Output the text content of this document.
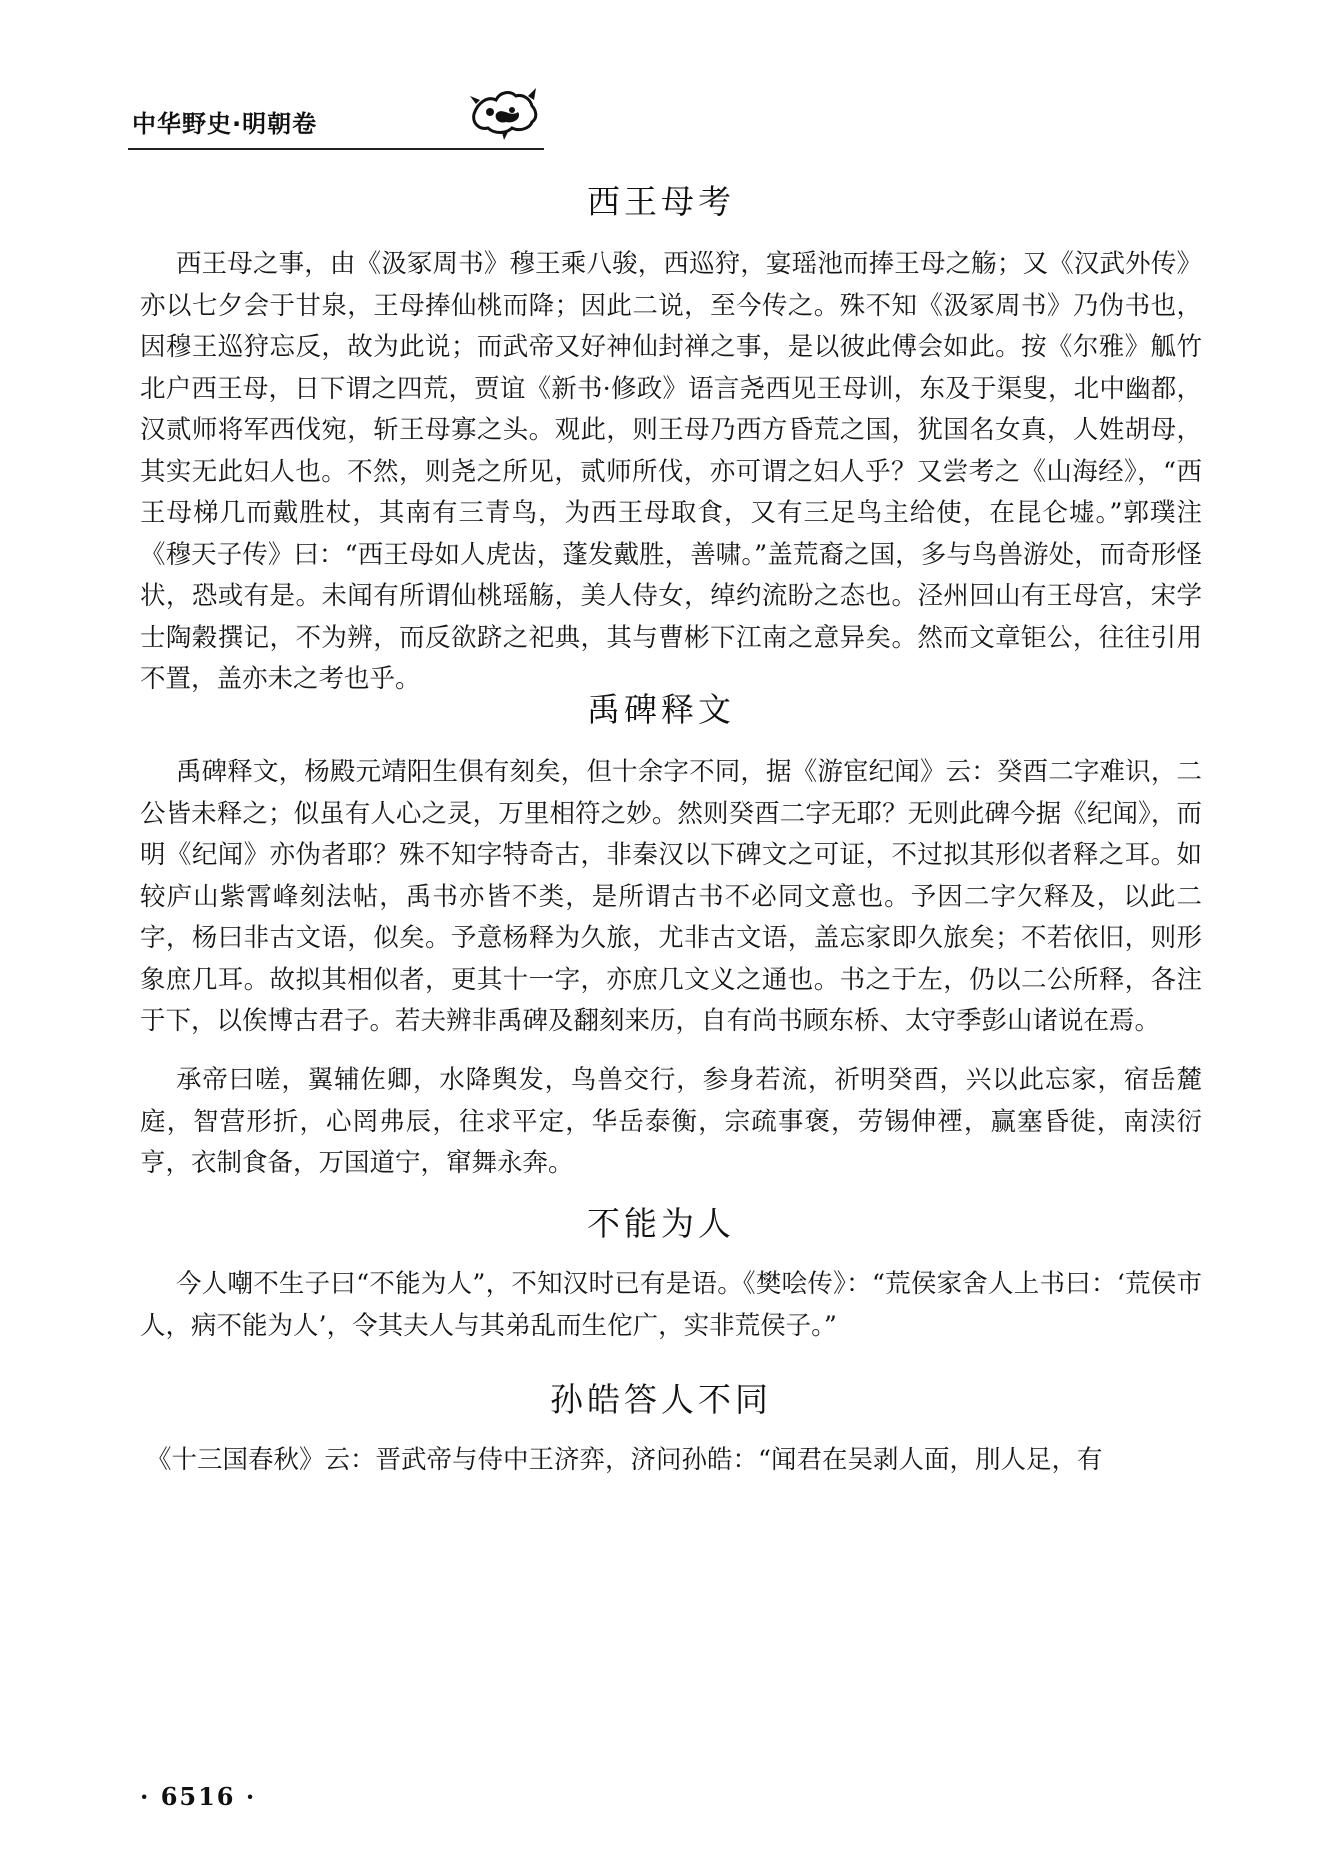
中华野史·明朝卷
西王母考
西王母之事，由《汲冢周书》穆王乘八骏，西巡狩，宴瑶池而捧王母之觞；又《汉武外传》亦以七夕会于甘泉，王母捧仙桃而降；因此二说，至今传之。殊不知《汲冢周书》乃伪书也，因穆王巡狩忘反，故为此说；而武帝又好神仙封禅之事，是以彼此傅会如此。按《尔雅》觚竹北户西王母，日下谓之四荒，贾谊《新书·修政》语言尧西见王母训，东及于渠叟，北中幽都，汉贰师将军西伐宛，斩王母寡之头。观此，则王母乃西方昏荒之国，犹国名女真，人姓胡母，其实无此妇人也。不然，则尧之所见，贰师所伐，亦可谓之妇人乎？又尝考之《山海经》，“西王母梯几而戴胜杖，其南有三青鸟，为西王母取食，又有三足鸟主给使，在昆仑墟。”郭璞注《穆天子传》曰：“西王母如人虎齿，蓬发戴胜，善啸。”盖荒裔之国，多与鸟兽游处，而奇形怪状，恐或有是。未闻有所谓仙桃瑶觞，美人侍女，绰约流盼之态也。泾州回山有王母宫，宋学士陶穀撰记，不为辨，而反欲跻之祀典，其与曹彬下江南之意异矣。然而文章钜公，往往引用不置，盖亦未之考也乎。
禹碑释文
禹碑释文，杨殿元靖阳生俱有刻矣，但十余字不同，据《游宦纪闻》云：癸酉二字难识，二公皆未释之；似虽有人心之灵，万里相符之妙。然则癸酉二字无耶？无则此碑今据《纪闻》，而明《纪闻》亦伪者耶？殊不知字特奇古，非秦汉以下碑文之可证，不过拟其形似者释之耳。如较庐山紫霄峰刻法帖，禹书亦皆不类，是所谓古书不必同文意也。予因二字欠释及，以此二字，杨曰非古文语，似矣。予意杨释为久旅，尤非古文语，盖忘家即久旅矣；不若依旧，则形象庶几耳。故拟其相似者，更其十一字，亦庶几文义之通也。书之于左，仍以二公所释，各注于下，以俟博古君子。若夫辨非禹碑及翻刻来历，自有尚书顾东桥、太守季彭山诸说在焉。
承帝曰嗟，翼辅佐卿，水降舆发，鸟兽交行，参身若流，祈明癸酉，兴以此忘家，宿岳麓庭，智营形折，心罔弗辰，往求平定，华岳泰衡，宗疏事褒，劳锡伸禋，赢塞昏徙，南渎衍亨，衣制食备，万国道宁，窜舞永奔。
不能为人
今人嘲不生子曰“不能为人”，不知汉时已有是语。《樊哙传》：“荒侯家舍人上书曰：‘荒侯市人，病不能为人’，令其夫人与其弟乱而生佗广，实非荒侯子。”
孙皓答人不同
《十三国春秋》云：晋武帝与侍中王济弈，济问孙皓：“闻君在吴剥人面，刖人足，有
· 6516 ·
